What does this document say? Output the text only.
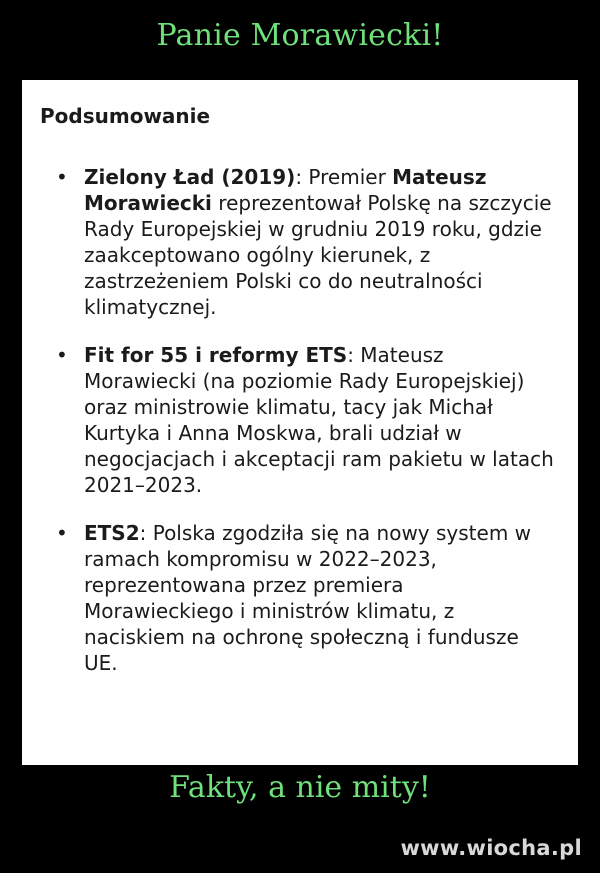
Panie Morawiecki!
Podsumowanie
• Zielony Ład (2019): Premier Mateusz Morawiecki reprezentował Polskę na szczycie Rady Europejskiej w grudniu 2019 roku, gdzie zaakceptowano ogólny kierunek, z zastrzeżeniem Polski co do neutralności klimatycznej.
• Fit for 55 i reformy ETS: Mateusz Morawiecki (na poziomie Rady Europejskiej) oraz ministrowie klimatu, tacy jak Michał Kurtyka i Anna Moskwa, brali udział w negocjacjach i akceptacji ram pakietu w latach 2021–2023.
• ETS2: Polska zgodziła się na nowy system w ramach kompromisu w 2022–2023, reprezentowana przez premiera Morawieckiego i ministrów klimatu, z naciskiem na ochronę społeczną i fundusze UE.
Fakty, a nie mity!
www.wiocha.pl
